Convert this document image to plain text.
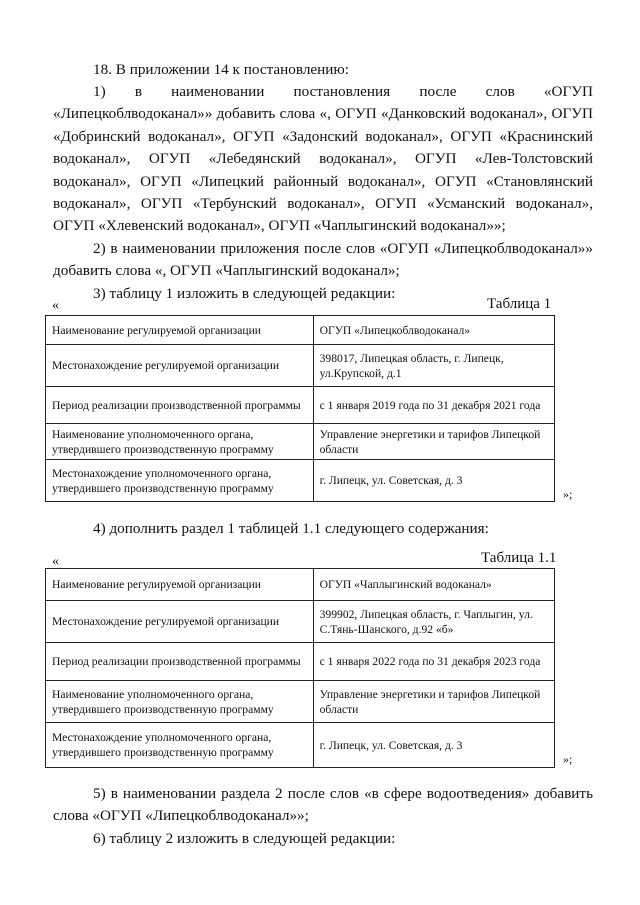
18. В приложении 14 к постановлению:

1) в наименовании постановления после слов «ОГУП

«Липецкоблводоканал»» добавить слова «, ОГУП «Данковский водоканал», ОГУП

«Добринский водоканал», ОГУП «Задонский водоканал», ОГУП «Краснинский

водоканал», ОГУП «Лебедянский водоканал», ОГУП «Лев-Толстовский

водоканал», ОГУП «Липецкий районный водоканал», ОГУП «Становлянский

водоканал», ОГУП «Тербунский водоканал», ОГУП «Усманский водоканал»,

ОГУП «Хлевенский водоканал», ОГУП «Чаплыгинский водоканал»»;

2) в наименовании приложения после слов «ОГУП «Липецкоблводоканал»»

добавить слова «, ОГУП «Чаплыгинский водоканал»;

3) таблицу 1 изложить в следующей редакции:

«	Таблица 1
Наименование регулируемой организации	ОГУП «Липецкоблводоканал»
Местонахождение регулируемой организации	398017, Липецкая область, г. Липецк, ул.Крупской, д.1
Период реализации производственной программы	с 1 января 2019 года по 31 декабря 2021 года
Наименование уполномоченного органа, утвердившего производственную программу	Управление энергетики и тарифов Липецкой области
Местонахождение уполномоченного органа, утвердившего производственную программу	г. Липецк, ул. Советская, д. 3
»;

4) дополнить раздел 1 таблицей 1.1 следующего содержания:

«	Таблица 1.1
Наименование регулируемой организации	ОГУП «Чаплыгинский водоканал»
Местонахождение регулируемой организации	399902, Липецкая область, г. Чаплыгин, ул. С.Тянь-Шанского, д.92 «б»
Период реализации производственной программы	с 1 января 2022 года по 31 декабря 2023 года
Наименование уполномоченного органа, утвердившего производственную программу	Управление энергетики и тарифов Липецкой области
Местонахождение уполномоченного органа, утвердившего производственную программу	г. Липецк, ул. Советская, д. 3
»;

5) в наименовании раздела 2 после слов «в сфере водоотведения» добавить

слова «ОГУП «Липецкоблводоканал»»;

6) таблицу 2 изложить в следующей редакции:
